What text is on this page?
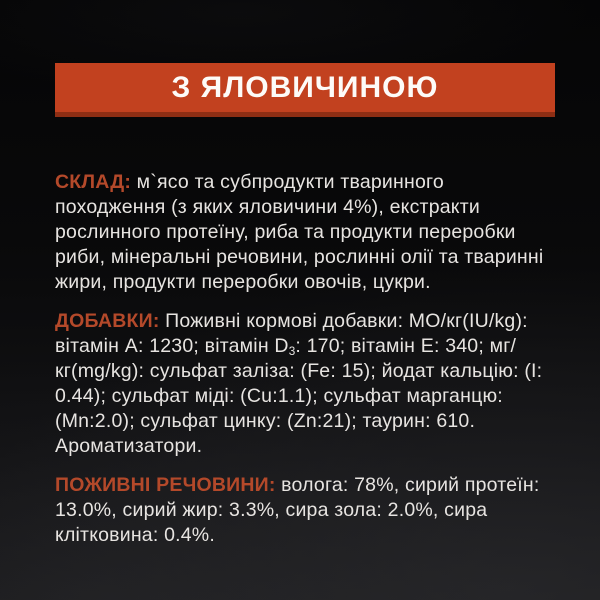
З ЯЛОВИЧИНОЮ

СКЛАД: м`ясо та субпродукти тваринного походження (з яких яловичини 4%), екстракти рослинного протеїну, риба та продукти переробки риби, мінеральні речовини, рослинні олії та тваринні жири, продукти переробки овочів, цукри.

ДОБАВКИ: Поживні кормові добавки: МО/кг(IU/kg): вітамін A: 1230; вітамін $D_3$: 170; вітамін E: 340; мг/кг(mg/kg): сульфат заліза: (Fe: 15); йодат кальцію: (I: 0.44); сульфат міді: (Cu:1.1); сульфат марганцю: (Mn:2.0); сульфат цинку: (Zn:21); таурин: 610.
Ароматизатори.

ПОЖИВНІ РЕЧОВИНИ: волога: 78%, сирий протеїн: 13.0%, сирий жир: 3.3%, сира зола: 2.0%, сира клітковина: 0.4%.
